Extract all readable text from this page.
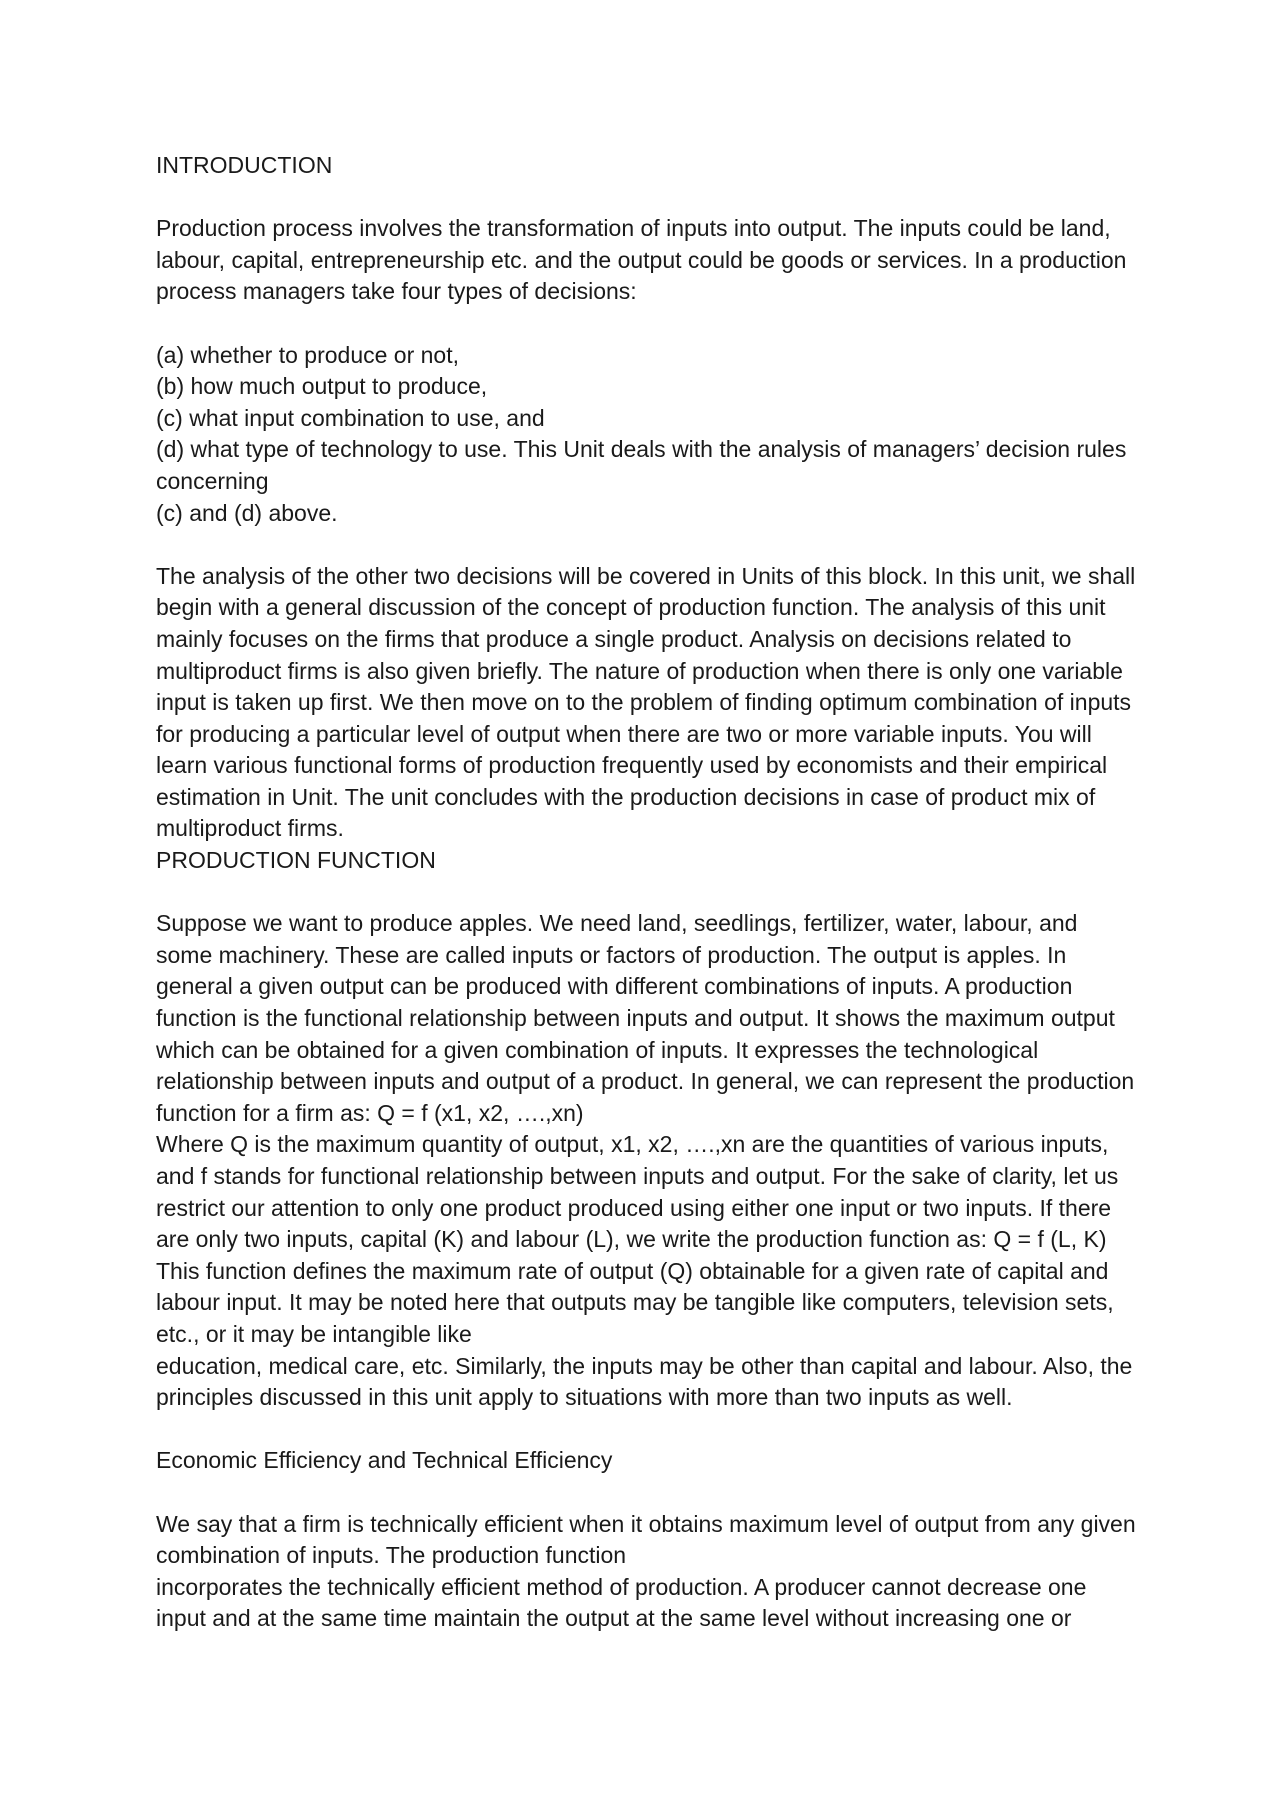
INTRODUCTION

Production process involves the transformation of inputs into output. The inputs could be land, labour, capital, entrepreneurship etc. and the output could be goods or services. In a production process managers take four types of decisions:

(a) whether to produce or not,

(b) how much output to produce,

(c) what input combination to use, and

(d) what type of technology to use. This Unit deals with the analysis of managers’ decision rules concerning

(c) and (d) above.

The analysis of the other two decisions will be covered in Units of this block. In this unit, we shall begin with a general discussion of the concept of production function. The analysis of this unit mainly focuses on the firms that produce a single product. Analysis on decisions related to multiproduct firms is also given briefly. The nature of production when there is only one variable input is taken up first. We then move on to the problem of finding optimum combination of inputs for producing a particular level of output when there are two or more variable inputs. You will learn various functional forms of production frequently used by economists and their empirical estimation in Unit. The unit concludes with the production decisions in case of product mix of multiproduct firms.

PRODUCTION FUNCTION

Suppose we want to produce apples. We need land, seedlings, fertilizer, water, labour, and some machinery. These are called inputs or factors of production. The output is apples. In general a given output can be produced with different combinations of inputs. A production function is the functional relationship between inputs and output. It shows the maximum output which can be obtained for a given combination of inputs. It expresses the technological relationship between inputs and output of a product. In general, we can represent the production function for a firm as: Q = f (x1, x2, ….,xn)

Where Q is the maximum quantity of output, x1, x2, ….,xn are the quantities of various inputs, and f stands for functional relationship between inputs and output. For the sake of clarity, let us restrict our attention to only one product produced using either one input or two inputs. If there are only two inputs, capital (K) and labour (L), we write the production function as: Q = f (L, K) This function defines the maximum rate of output (Q) obtainable for a given rate of capital and labour input. It may be noted here that outputs may be tangible like computers, television sets, etc., or it may be intangible like

education, medical care, etc. Similarly, the inputs may be other than capital and labour. Also, the principles discussed in this unit apply to situations with more than two inputs as well.

Economic Efficiency and Technical Efficiency

We say that a firm is technically efficient when it obtains maximum level of output from any given combination of inputs. The production function

incorporates the technically efficient method of production. A producer cannot decrease one input and at the same time maintain the output at the same level without increasing one or
